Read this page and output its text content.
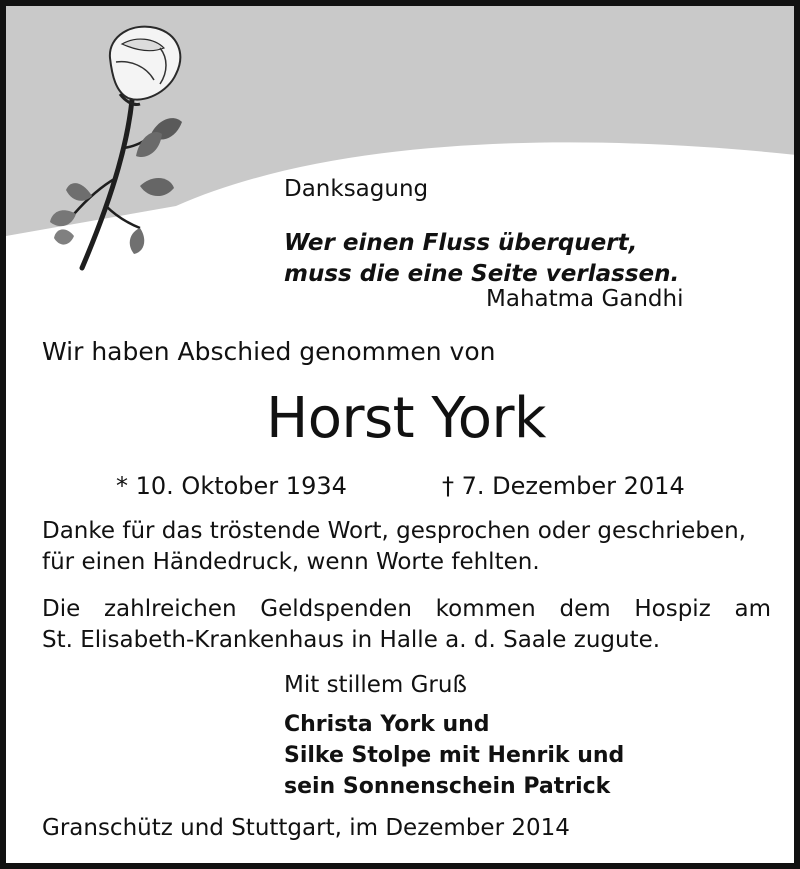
Danksagung
Wer einen Fluss überquert,
muss die eine Seite verlassen.
Mahatma Gandhi
Wir haben Abschied genommen von
Horst York
* 10. Oktober 1934	† 7. Dezember 2014
Danke für das tröstende Wort, gesprochen oder geschrieben,
für einen Händedruck, wenn Worte fehlten.
Die zahlreichen Geldspenden kommen dem Hospiz am
St. Elisabeth-Krankenhaus in Halle a. d. Saale zugute.
Mit stillem Gruß
Christa York und
Silke Stolpe mit Henrik und
sein Sonnenschein Patrick
Granschütz und Stuttgart, im Dezember 2014
